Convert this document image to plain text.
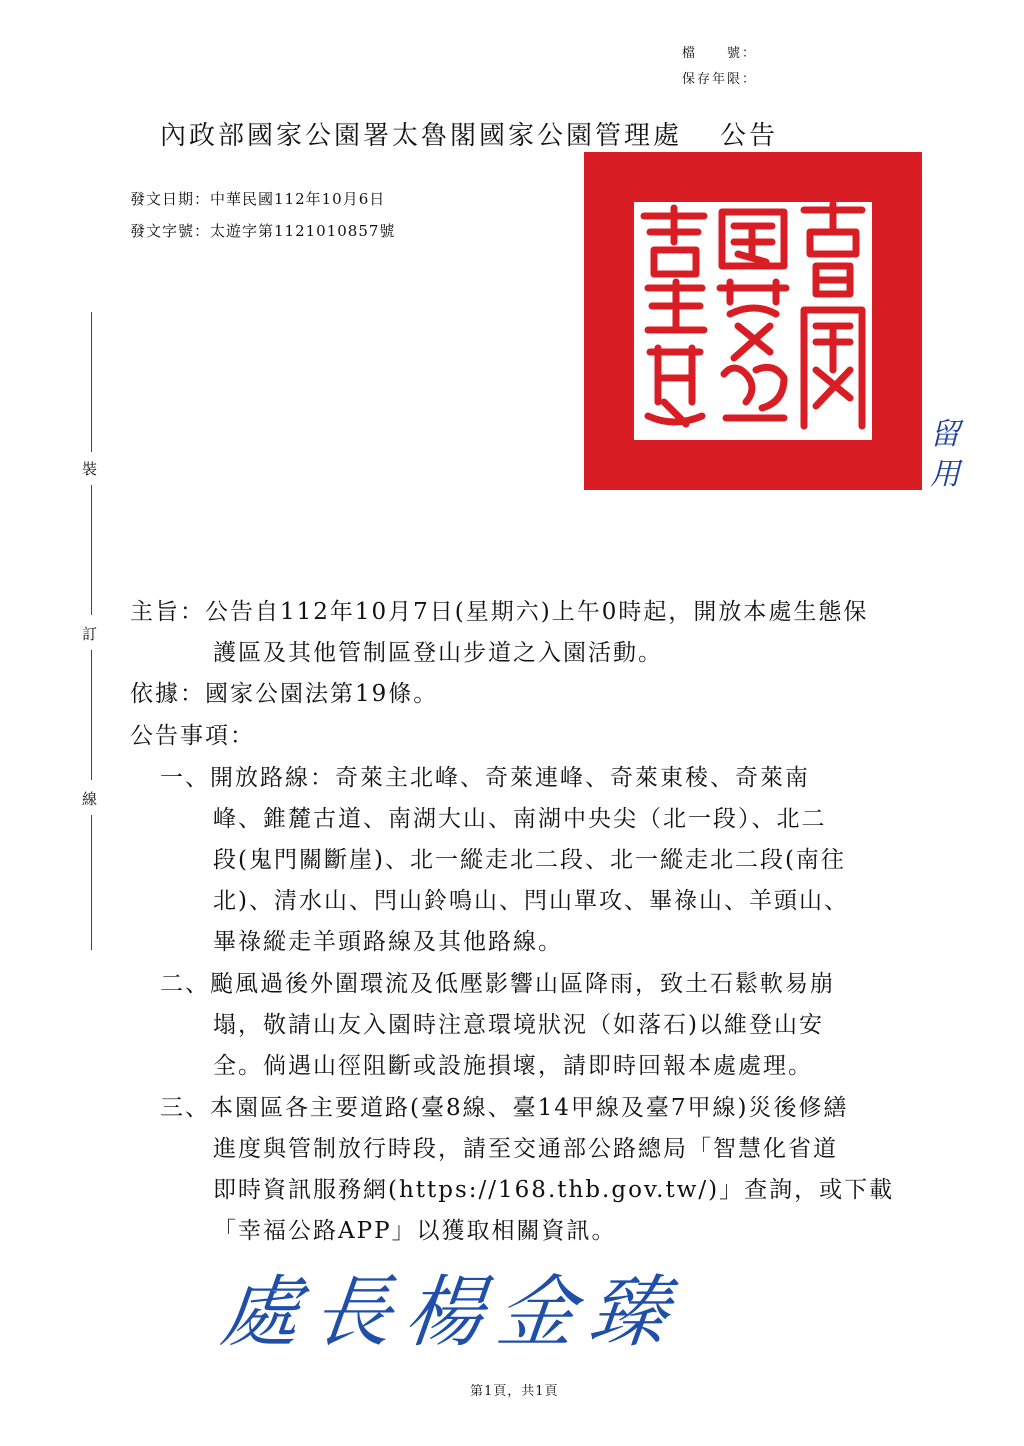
檔　　號：
保存年限：
內政部國家公園署太魯閣國家公園管理處 公告
發文日期：中華民國112年10月6日
發文字號：太遊字第1121010857號
裝
訂
線
留
用
主旨：公告自112年10月7日(星期六)上午0時起，開放本處生態保
護區及其他管制區登山步道之入園活動。
依據：國家公園法第19條。
公告事項：
一、開放路線：奇萊主北峰、奇萊連峰、奇萊東稜、奇萊南
峰、錐麓古道、南湖大山、南湖中央尖（北一段）、北二
段(鬼門關斷崖)、北一縱走北二段、北一縱走北二段(南往
北)、清水山、閂山鈴鳴山、閂山單攻、畢祿山、羊頭山、
畢祿縱走羊頭路線及其他路線。
二、颱風過後外圍環流及低壓影響山區降雨，致土石鬆軟易崩
塌，敬請山友入園時注意環境狀況（如落石)以維登山安
全。倘遇山徑阻斷或設施損壞，請即時回報本處處理。
三、本園區各主要道路(臺8線、臺14甲線及臺7甲線)災後修繕
進度與管制放行時段，請至交通部公路總局「智慧化省道
即時資訊服務網(https://168.thb.gov.tw/)」查詢，或下載
「幸福公路APP」以獲取相關資訊。
處長楊金臻
第1頁，共1頁
